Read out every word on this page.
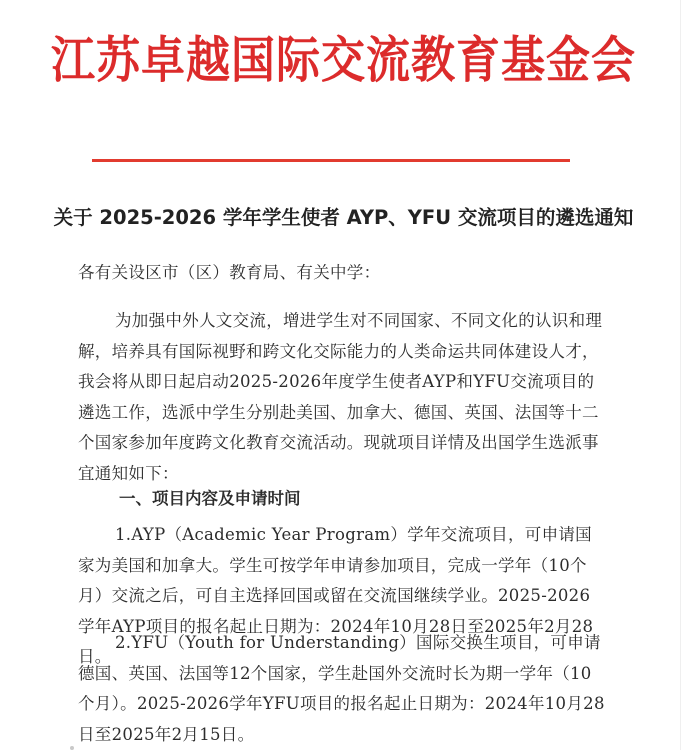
江苏卓越国际交流教育基金会
关于 2025-2026 学年学生使者 AYP、YFU 交流项目的遴选通知
各有关设区市（区）教育局、有关中学：

为加强中外人文交流，增进学生对不同国家、不同文化的认识和理解，培养具有国际视野和跨文化交际能力的人类命运共同体建设人才，我会将从即日起启动2025-2026年度学生使者AYP和YFU交流项目的遴选工作，选派中学生分别赴美国、加拿大、德国、英国、法国等十二个国家参加年度跨文化教育交流活动。现就项目详情及出国学生选派事宜通知如下：

一、项目内容及申请时间

1.AYP（Academic Year Program）学年交流项目，可申请国家为美国和加拿大。学生可按学年申请参加项目，完成一学年（10个月）交流之后，可自主选择回国或留在交流国继续学业。2025-2026学年AYP项目的报名起止日期为：2024年10月28日至2025年2月28日。

2.YFU（Youth for Understanding）国际交换生项目，可申请德国、英国、法国等12个国家，学生赴国外交流时长为期一学年（10个月）。2025-2026学年YFU项目的报名起止日期为：2024年10月28日至2025年2月15日。
